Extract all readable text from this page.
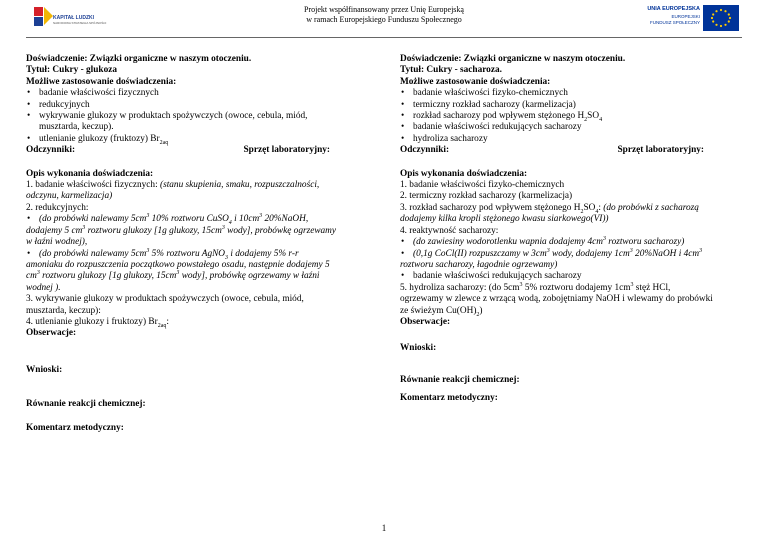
KAPITAŁ LUDZKI
NARODOWA STRATEGIA SPÓJNOŚCI
Projekt współfinansowany przez Unię Europejską
w ramach Europejskiego Funduszu Społecznego
UNIA EUROPEJSKA
EUROPEJSKI
FUNDUSZ SPOŁECZNY
Doświadczenie: Związki organiczne w naszym otoczeniu.
Tytuł: Cukry - glukoza
Możliwe zastosowanie doświadczenia:
• badanie właściwości fizycznych
• redukcyjnych
• wykrywanie glukozy w produktach spożywczych (owoce, cebula, miód,
musztarda, keczup).
• utlenianie glukozy (fruktozy) $Br_{2aq}$
Odczynniki:	Sprzęt laboratoryjny:
Opis wykonania doświadczenia:
1. badanie właściwości fizycznych: (stanu skupienia, smaku, rozpuszczalności,
odczynu, karmelizacja)
2. redukcyjnych:
• (do probówki nalewamy $5cm^3$ 10% roztworu CuSO$_4$ i $10cm^3$ 20%NaOH,
dodajemy 5 $cm^3$ roztworu glukozy [1g glukozy, $15cm^3$ wody], probówkę ogrzewamy
w łaźni wodnej),
• (do probówki nalewamy $5cm^3$ 5% roztworu AgNO$_3$ i dodajemy 5% r-r
amoniaku do rozpuszczenia początkowo powstałego osadu, następnie dodajemy 5
$cm^3$ roztworu glukozy [1g glukozy, $15cm^3$ wody], probówkę ogrzewamy w łaźni
wodnej ).
3. wykrywanie glukozy w produktach spożywczych (owoce, cebula, miód,
musztarda, keczup):
4. utlenianie glukozy i fruktozy) $Br_{2aq}$:
Obserwacje:
Wnioski:
Równanie reakcji chemicznej:
Komentarz metodyczny:
Doświadczenie: Związki organiczne w naszym otoczeniu.
Tytuł: Cukry - sacharoza.
Możliwe zastosowanie doświadczenia:
• badanie właściwości fizyko-chemicznych
• termiczny rozkład sacharozy (karmelizacja)
• rozkład sacharozy pod wpływem stężonego $H_2SO_4$
• badanie właściwości redukujących sacharozy
• hydroliza sacharozy
Odczynniki:	Sprzęt laboratoryjny:
Opis wykonania doświadczenia:
1. badanie właściwości fizyko-chemicznych
2. termiczny rozkład sacharozy (karmelizacja)
3. rozkład sacharozy pod wpływem stężonego $H_2SO_4$: (do probówki z sacharozą
dodajemy kilka kropli stężonego kwasu siarkowego(VI))
4. reaktywność sacharozy:
• (do zawiesiny wodorotlenku wapnia dodajemy $4cm^3$ roztworu sacharozy)
• (0,1g CoCl(II) rozpuszczamy w $3cm^3$ wody, dodajemy $1cm^3$ 20%NaOH i $4cm^3$
roztworu sacharozy, łagodnie ogrzewamy)
• badanie właściwości redukujących sacharozy
5. hydroliza sacharozy: (do $5cm^3$ 5% roztworu dodajemy $1cm^3$ stęż HCl,
ogrzewamy w zlewce z wrzącą wodą, zobojętniamy NaOH i wlewamy do probówki
ze świeżym $Cu(OH)_2$)
Obserwacje:
Wnioski:
Równanie reakcji chemicznej:
Komentarz metodyczny:
1
